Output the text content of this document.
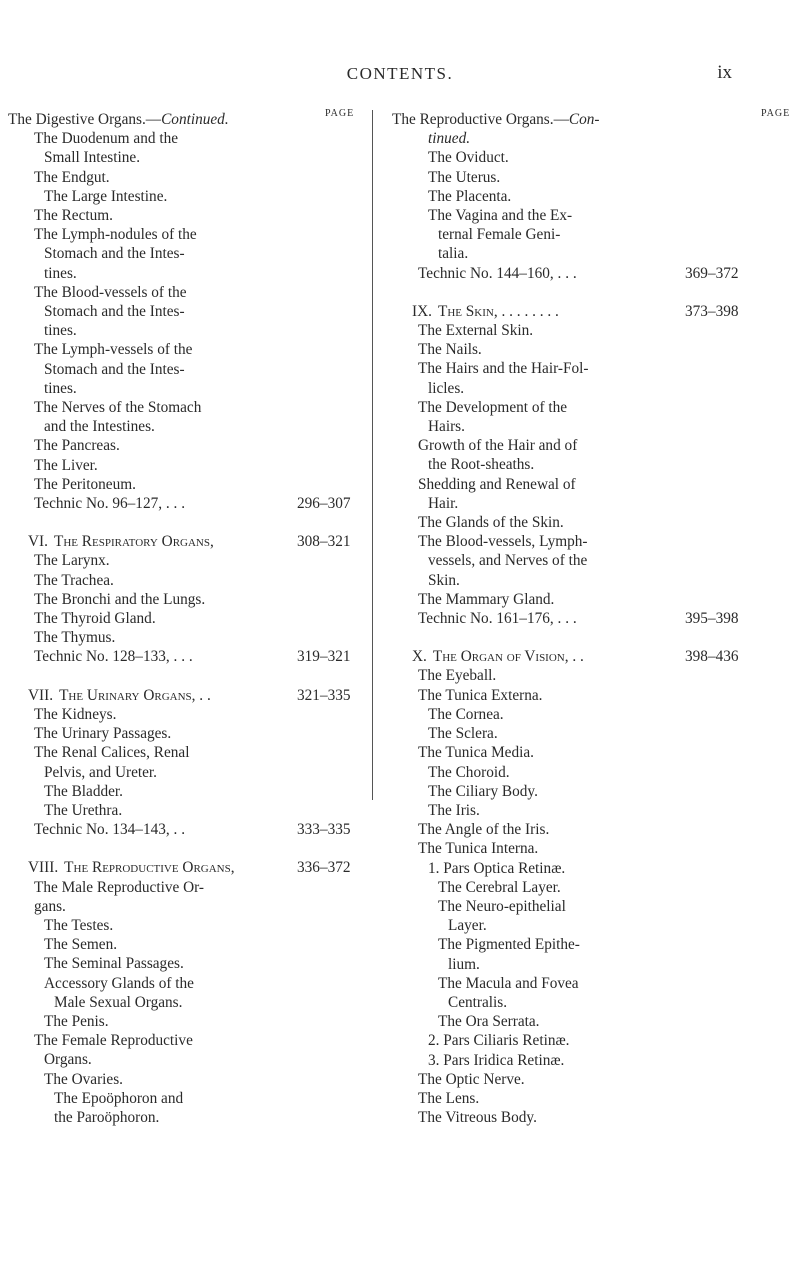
CONTENTS.	ix
PAGE
The Digestive Organs.—Continued.
The Duodenum and the
Small Intestine.
The Endgut.
The Large Intestine.
The Rectum.
The Lymph-nodules of the
Stomach and the Intes-
tines.
The Blood-vessels of the
Stomach and the Intes-
tines.
The Lymph-vessels of the
Stomach and the Intes-
tines.
The Nerves of the Stomach
and the Intestines.
The Pancreas.
The Liver.
The Peritoneum.
Technic No. 96–127, . . .	296–307
VI. The Respiratory Organs,	308–321
The Larynx.
The Trachea.
The Bronchi and the Lungs.
The Thyroid Gland.
The Thymus.
Technic No. 128–133, . . .	319–321
VII. The Urinary Organs, . .	321–335
The Kidneys.
The Urinary Passages.
The Renal Calices, Renal
Pelvis, and Ureter.
The Bladder.
The Urethra.
Technic No. 134–143, . .	333–335
VIII. The Reproductive Organs,	336–372
The Male Reproductive Or-
gans.
The Testes.
The Semen.
The Seminal Passages.
Accessory Glands of the
Male Sexual Organs.
The Penis.
The Female Reproductive
Organs.
The Ovaries.
The Epoöphoron and
the Paroöphoron.
PAGE
The Reproductive Organs.—Con-
tinued.
The Oviduct.
The Uterus.
The Placenta.
The Vagina and the Ex-
ternal Female Geni-
talia.
Technic No. 144–160, . . .	369–372
IX. The Skin, . . . . . . . .	373–398
The External Skin.
The Nails.
The Hairs and the Hair-Fol-
licles.
The Development of the
Hairs.
Growth of the Hair and of
the Root-sheaths.
Shedding and Renewal of
Hair.
The Glands of the Skin.
The Blood-vessels, Lymph-
vessels, and Nerves of the
Skin.
The Mammary Gland.
Technic No. 161–176, . . .	395–398
X. The Organ of Vision, . .	398–436
The Eyeball.
The Tunica Externa.
The Cornea.
The Sclera.
The Tunica Media.
The Choroid.
The Ciliary Body.
The Iris.
The Angle of the Iris.
The Tunica Interna.
1. Pars Optica Retinæ.
The Cerebral Layer.
The Neuro-epithelial
Layer.
The Pigmented Epithe-
lium.
The Macula and Fovea
Centralis.
The Ora Serrata.
2. Pars Ciliaris Retinæ.
3. Pars Iridica Retinæ.
The Optic Nerve.
The Lens.
The Vitreous Body.
